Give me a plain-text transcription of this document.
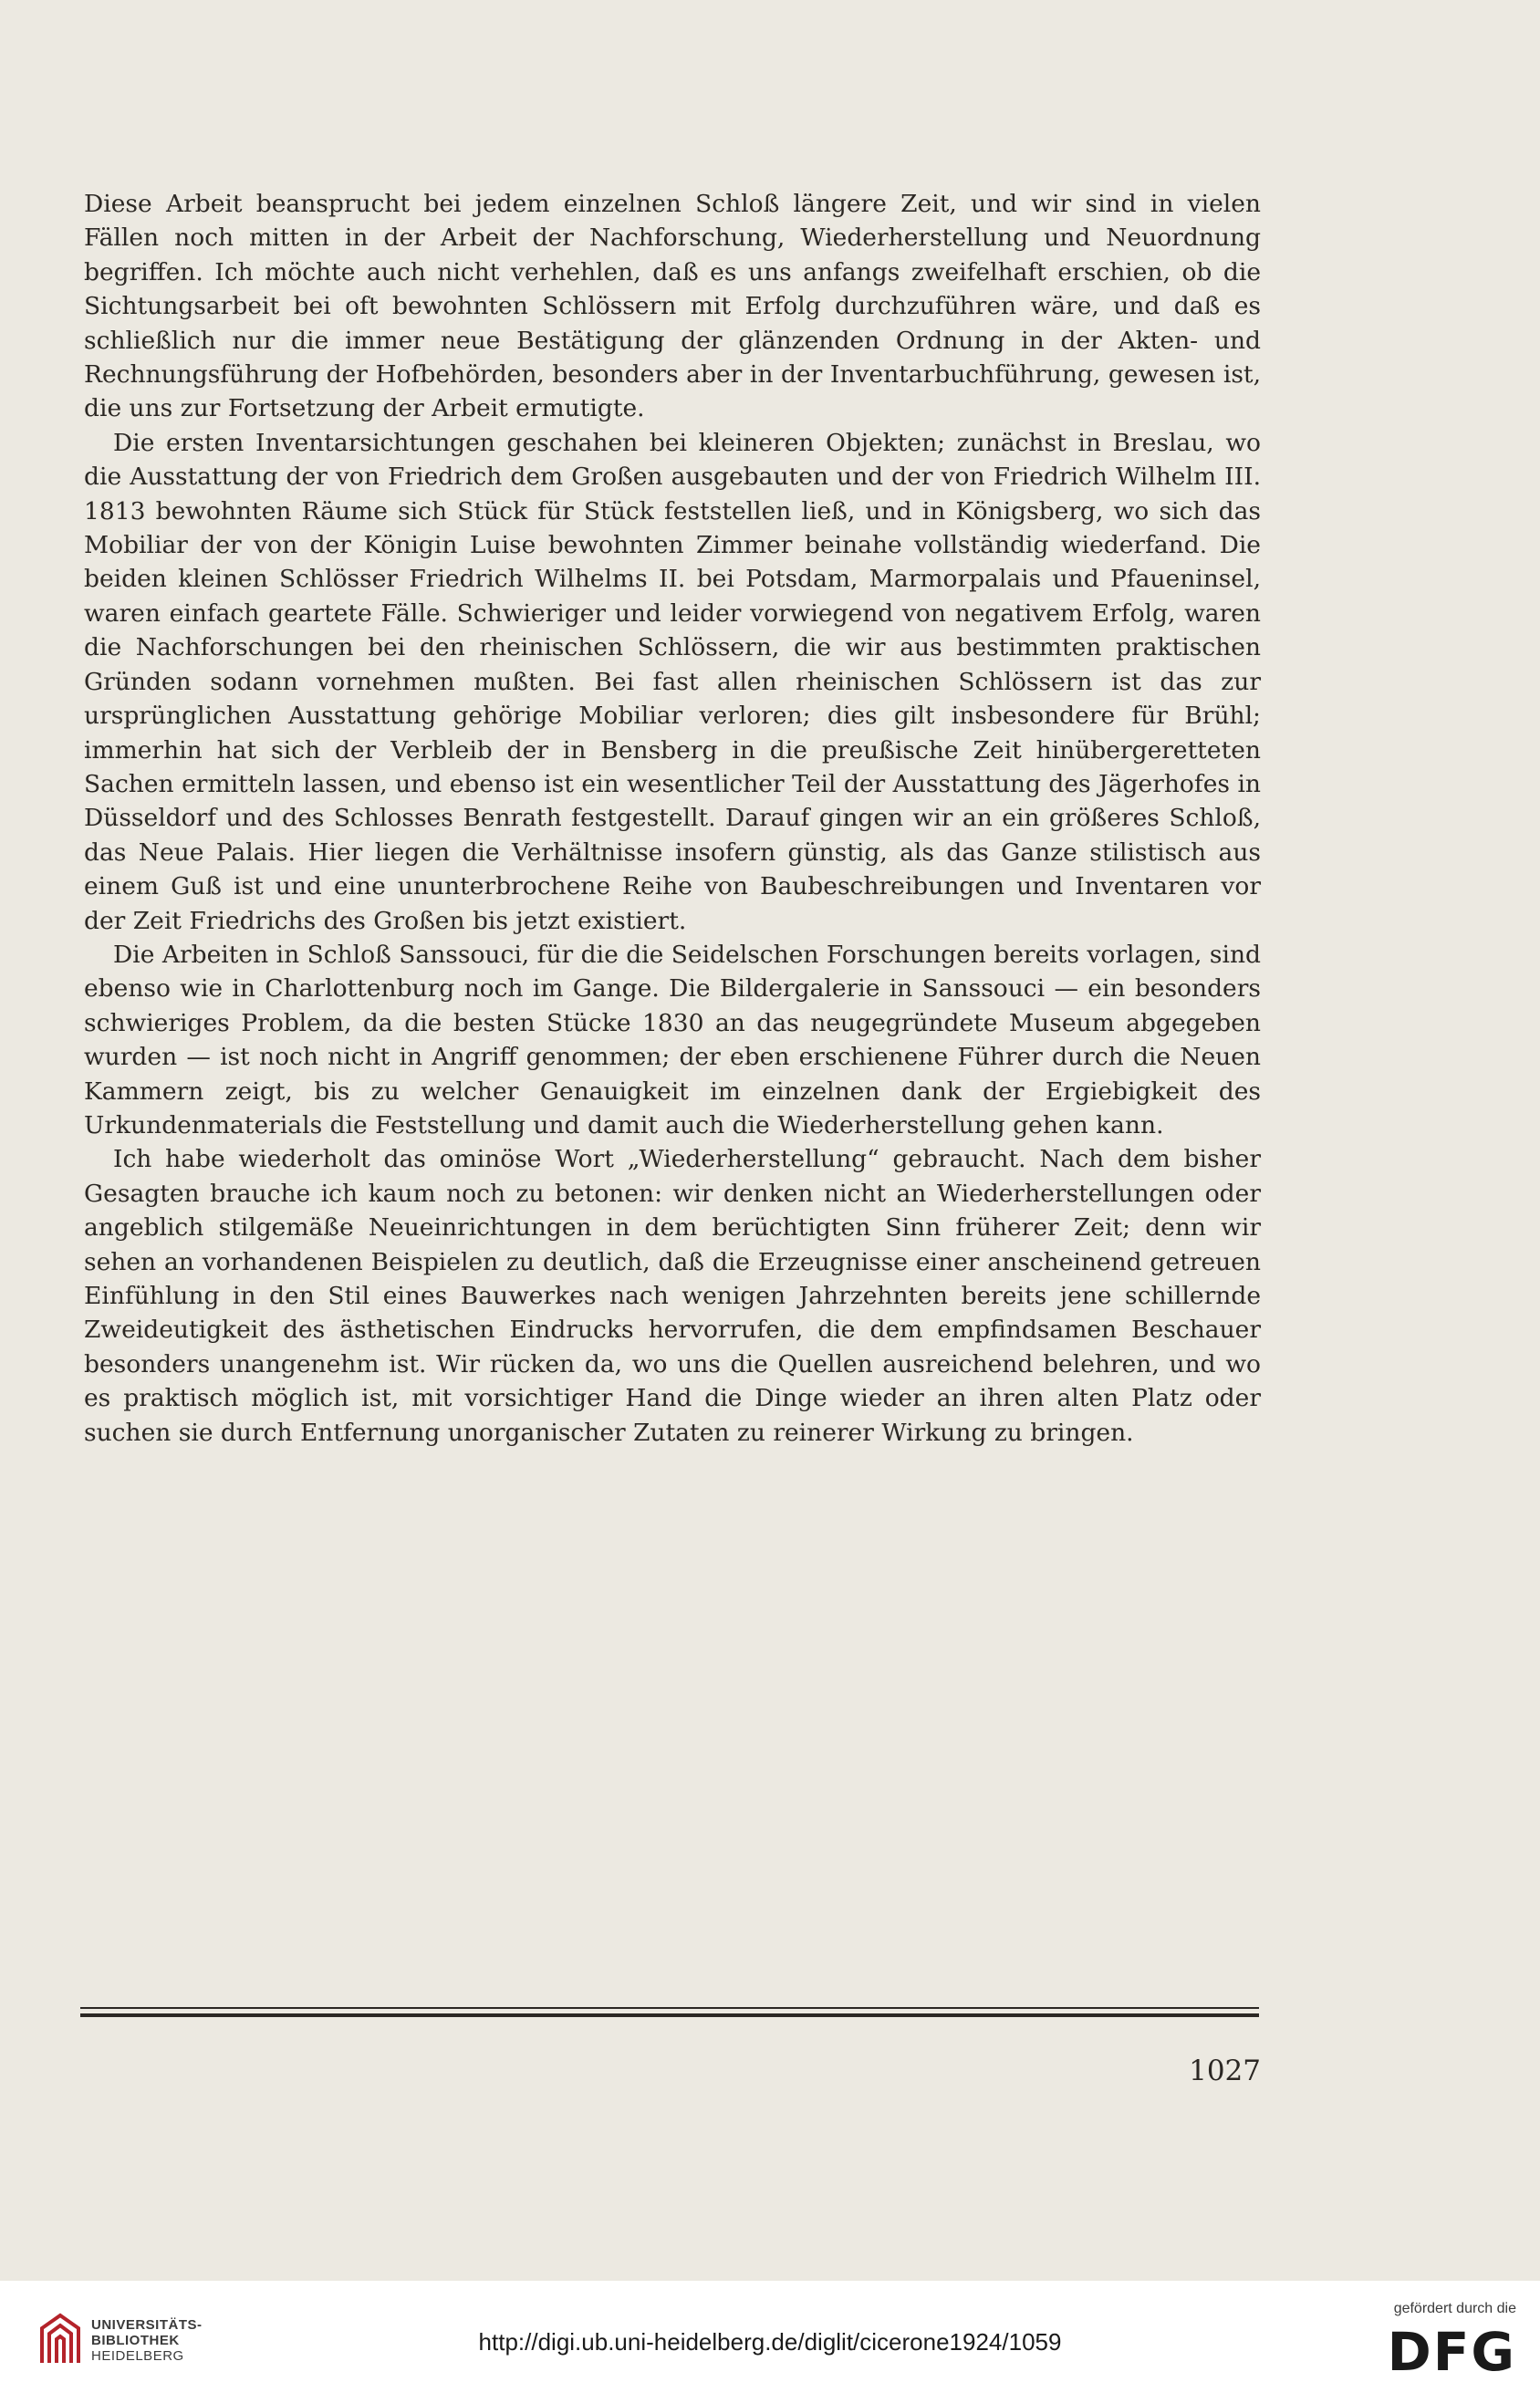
Diese Arbeit beansprucht bei jedem einzelnen Schloß längere Zeit, und wir sind in vielen Fällen noch mitten in der Arbeit der Nachforschung, Wiederherstellung und Neuordnung begriffen. Ich möchte auch nicht verhehlen, daß es uns anfangs zweifelhaft erschien, ob die Sichtungsarbeit bei oft bewohnten Schlössern mit Erfolg durchzuführen wäre, und daß es schließlich nur die immer neue Bestätigung der glänzenden Ordnung in der Akten- und Rechnungsführung der Hofbehörden, besonders aber in der Inventarbuchführung, gewesen ist, die uns zur Fortsetzung der Arbeit ermutigte.

Die ersten Inventarsichtungen geschahen bei kleineren Objekten; zunächst in Breslau, wo die Ausstattung der von Friedrich dem Großen ausgebauten und der von Friedrich Wilhelm III. 1813 bewohnten Räume sich Stück für Stück feststellen ließ, und in Königsberg, wo sich das Mobiliar der von der Königin Luise bewohnten Zimmer beinahe vollständig wiederfand. Die beiden kleinen Schlösser Friedrich Wilhelms II. bei Potsdam, Marmorpalais und Pfaueninsel, waren einfach geartete Fälle. Schwieriger und leider vorwiegend von negativem Erfolg, waren die Nachforschungen bei den rheinischen Schlössern, die wir aus bestimmten praktischen Gründen sodann vornehmen mußten. Bei fast allen rheinischen Schlössern ist das zur ursprünglichen Ausstattung gehörige Mobiliar verloren; dies gilt insbesondere für Brühl; immerhin hat sich der Verbleib der in Bensberg in die preußische Zeit hinübergeretteten Sachen ermitteln lassen, und ebenso ist ein wesentlicher Teil der Ausstattung des Jägerhofes in Düsseldorf und des Schlosses Benrath festgestellt. Darauf gingen wir an ein größeres Schloß, das Neue Palais. Hier liegen die Verhältnisse insofern günstig, als das Ganze stilistisch aus einem Guß ist und eine ununterbrochene Reihe von Baubeschreibungen und Inventaren vor der Zeit Friedrichs des Großen bis jetzt existiert.

Die Arbeiten in Schloß Sanssouci, für die die Seidelschen Forschungen bereits vorlagen, sind ebenso wie in Charlottenburg noch im Gange. Die Bildergalerie in Sanssouci — ein besonders schwieriges Problem, da die besten Stücke 1830 an das neugegründete Museum abgegeben wurden — ist noch nicht in Angriff genommen; der eben erschienene Führer durch die Neuen Kammern zeigt, bis zu welcher Genauigkeit im einzelnen dank der Ergiebigkeit des Urkundenmaterials die Feststellung und damit auch die Wiederherstellung gehen kann.

Ich habe wiederholt das ominöse Wort „Wiederherstellung“ gebraucht. Nach dem bisher Gesagten brauche ich kaum noch zu betonen: wir denken nicht an Wiederherstellungen oder angeblich stilgemäße Neueinrichtungen in dem berüchtigten Sinn früherer Zeit; denn wir sehen an vorhandenen Beispielen zu deutlich, daß die Erzeugnisse einer anscheinend getreuen Einfühlung in den Stil eines Bauwerkes nach wenigen Jahrzehnten bereits jene schillernde Zweideutigkeit des ästhetischen Eindrucks hervorrufen, die dem empfindsamen Beschauer besonders unangenehm ist. Wir rücken da, wo uns die Quellen ausreichend belehren, und wo es praktisch möglich ist, mit vorsichtiger Hand die Dinge wieder an ihren alten Platz oder suchen sie durch Entfernung unorganischer Zutaten zu reinerer Wirkung zu bringen.

1027
UNIVERSITÄTS-
BIBLIOTHEK
HEIDELBERG
http://digi.ub.uni-heidelberg.de/diglit/cicerone1924/1059
gefördert durch die
DFG
